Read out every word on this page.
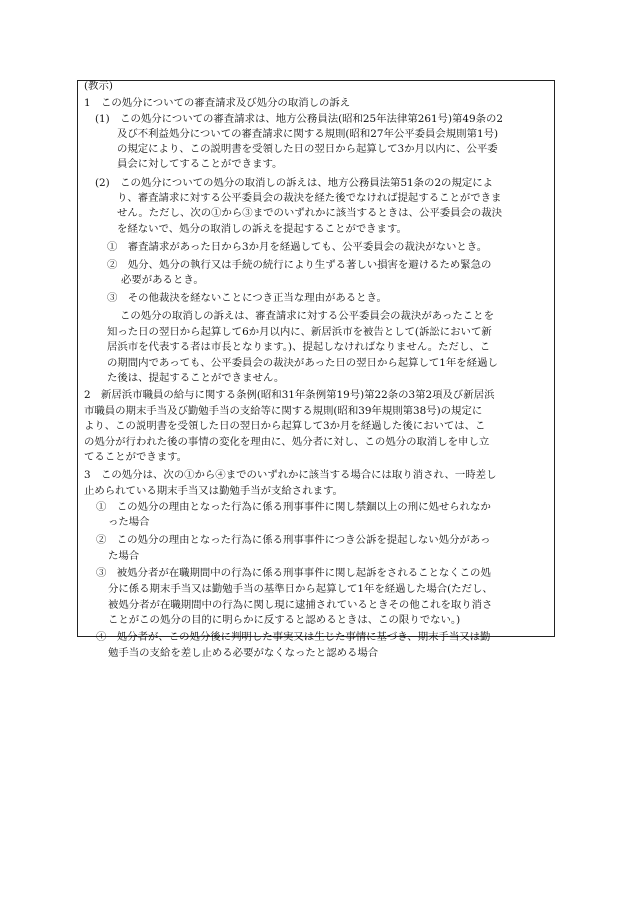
(教示)
1　この処分についての審査請求及び処分の取消しの訴え
(1)　この処分についての審査請求は、地方公務員法(昭和25年法律第261号)第49条の2
及び不利益処分についての審査請求に関する規則(昭和27年公平委員会規則第1号)
の規定により、この説明書を受領した日の翌日から起算して3か月以内に、公平委
員会に対してすることができます。
(2)　この処分についての処分の取消しの訴えは、地方公務員法第51条の2の規定によ
り、審査請求に対する公平委員会の裁決を経た後でなければ提起することができま
せん。ただし、次の①から③までのいずれかに該当するときは、公平委員会の裁決
を経ないで、処分の取消しの訴えを提起することができます。
①　審査請求があった日から3か月を経過しても、公平委員会の裁決がないとき。
②　処分、処分の執行又は手続の続行により生ずる著しい損害を避けるため緊急の
必要があるとき。
③　その他裁決を経ないことにつき正当な理由があるとき。
この処分の取消しの訴えは、審査請求に対する公平委員会の裁決があったことを
知った日の翌日から起算して6か月以内に、新居浜市を被告として(訴訟において新
居浜市を代表する者は市長となります。)、提起しなければなりません。ただし、こ
の期間内であっても、公平委員会の裁決があった日の翌日から起算して1年を経過し
た後は、提起することができません。
2　新居浜市職員の給与に関する条例(昭和31年条例第19号)第22条の3第2項及び新居浜
市職員の期末手当及び勤勉手当の支給等に関する規則(昭和39年規則第38号)の規定に
より、この説明書を受領した日の翌日から起算して3か月を経過した後においては、こ
の処分が行われた後の事情の変化を理由に、処分者に対し、この処分の取消しを申し立
てることができます。
3　この処分は、次の①から④までのいずれかに該当する場合には取り消され、一時差し
止められている期末手当又は勤勉手当が支給されます。
①　この処分の理由となった行為に係る刑事事件に関し禁錮以上の刑に処せられなか
った場合
②　この処分の理由となった行為に係る刑事事件につき公訴を提起しない処分があっ
た場合
③　被処分者が在職期間中の行為に係る刑事事件に関し起訴をされることなくこの処
分に係る期末手当又は勤勉手当の基準日から起算して1年を経過した場合(ただし、
被処分者が在職期間中の行為に関し現に逮捕されているときその他これを取り消さ
ことがこの処分の目的に明らかに反すると認めるときは、この限りでない。)
④　処分者が、この処分後に判明した事実又は生じた事情に基づき、期末手当又は勤
勉手当の支給を差し止める必要がなくなったと認める場合
